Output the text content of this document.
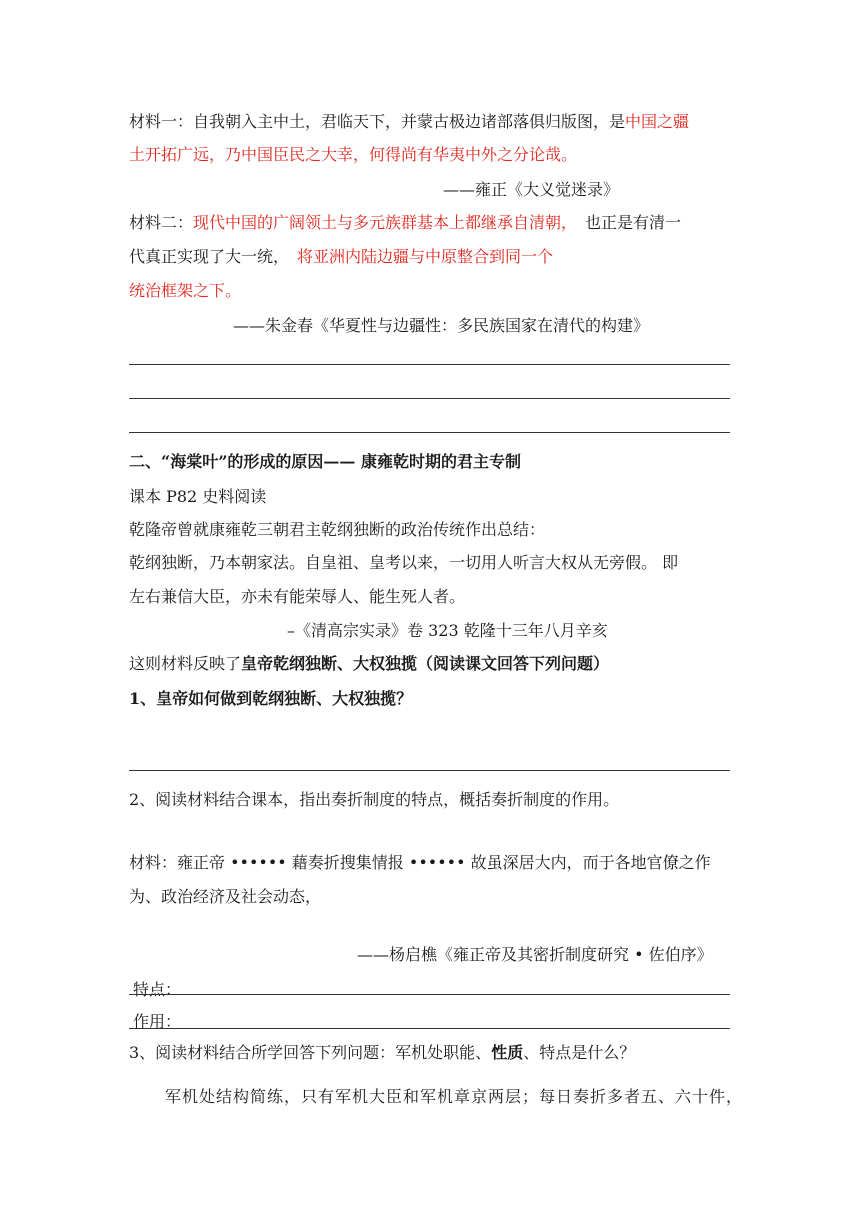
材料一：自我朝入主中土，君临天下，并蒙古极边诸部落俱归版图，是中国之疆
土开拓广远，乃中国臣民之大幸，何得尚有华夷中外之分论哉。
——雍正《大义觉迷录》
材料二：现代中国的广阔领土与多元族群基本上都继承自清朝， 也正是有清一
代真正实现了大一统， 将亚洲内陆边疆与中原整合到同一个
统治框架之下。
——朱金春《华夏性与边疆性：多民族国家在清代的构建》
二、“海棠叶”的形成的原因—— 康雍乾时期的君主专制
课本 P82 史料阅读
乾隆帝曾就康雍乾三朝君主乾纲独断的政治传统作出总结：
乾纲独断，乃本朝家法。自皇祖、皇考以来，一切用人听言大权从无旁假。 即
左右兼信大臣，亦未有能荣辱人、能生死人者。
–《清高宗实录》卷 323 乾隆十三年八月辛亥
这则材料反映了皇帝乾纲独断、大权独揽（阅读课文回答下列问题）
1、皇帝如何做到乾纲独断、大权独揽？
2、阅读材料结合课本，指出奏折制度的特点，概括奏折制度的作用。
材料：雍正帝 •••••• 藉奏折搜集情报 •••••• 故虽深居大内，而于各地官僚之作
为、政治经济及社会动态，
——杨启樵《雍正帝及其密折制度研究 • 佐伯序》
特点：
作用：
3、阅读材料结合所学回答下列问题：军机处职能、性质、特点是什么？
军机处结构简练，只有军机大臣和军机章京两层；每日奏折多者五、六十件，
